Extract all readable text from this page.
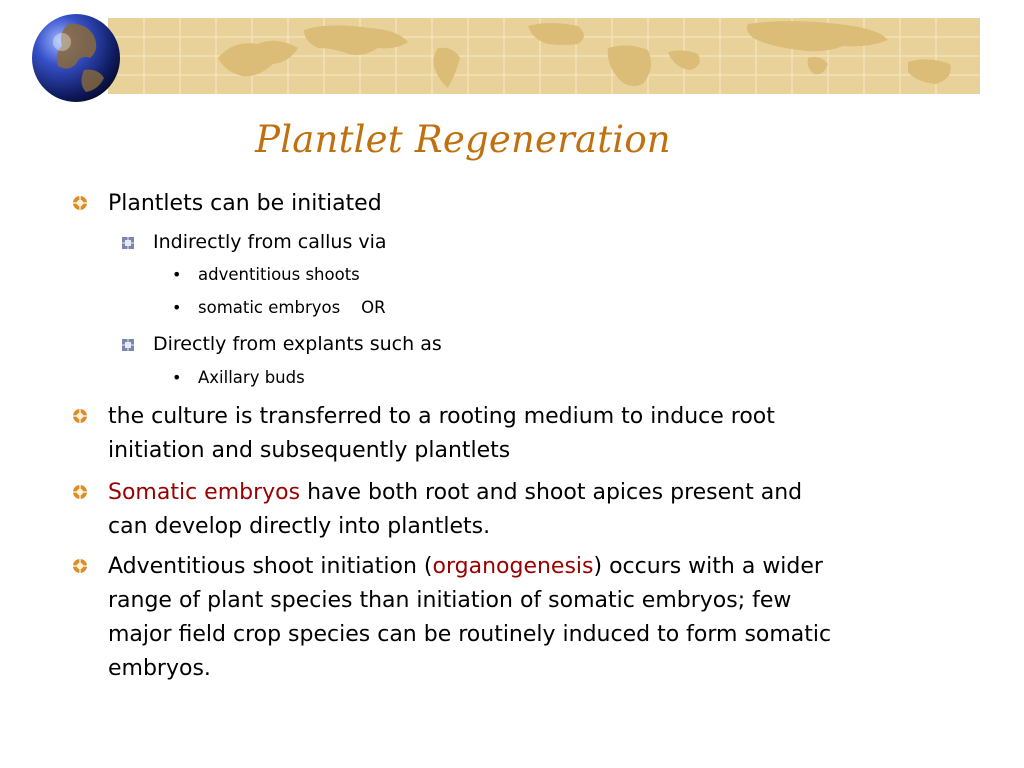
Plantlet Regeneration
Plantlets can be initiated
Indirectly from callus via
• adventitious shoots
• somatic embryos    OR
Directly from explants such as
• Axillary buds
the culture is transferred to a rooting medium to induce root
initiation and subsequently plantlets
Somatic embryos have both root and shoot apices present and
can develop directly into plantlets.
Adventitious shoot initiation (organogenesis) occurs with a wider
range of plant species than initiation of somatic embryos; few
major field crop species can be routinely induced to form somatic
embryos.
